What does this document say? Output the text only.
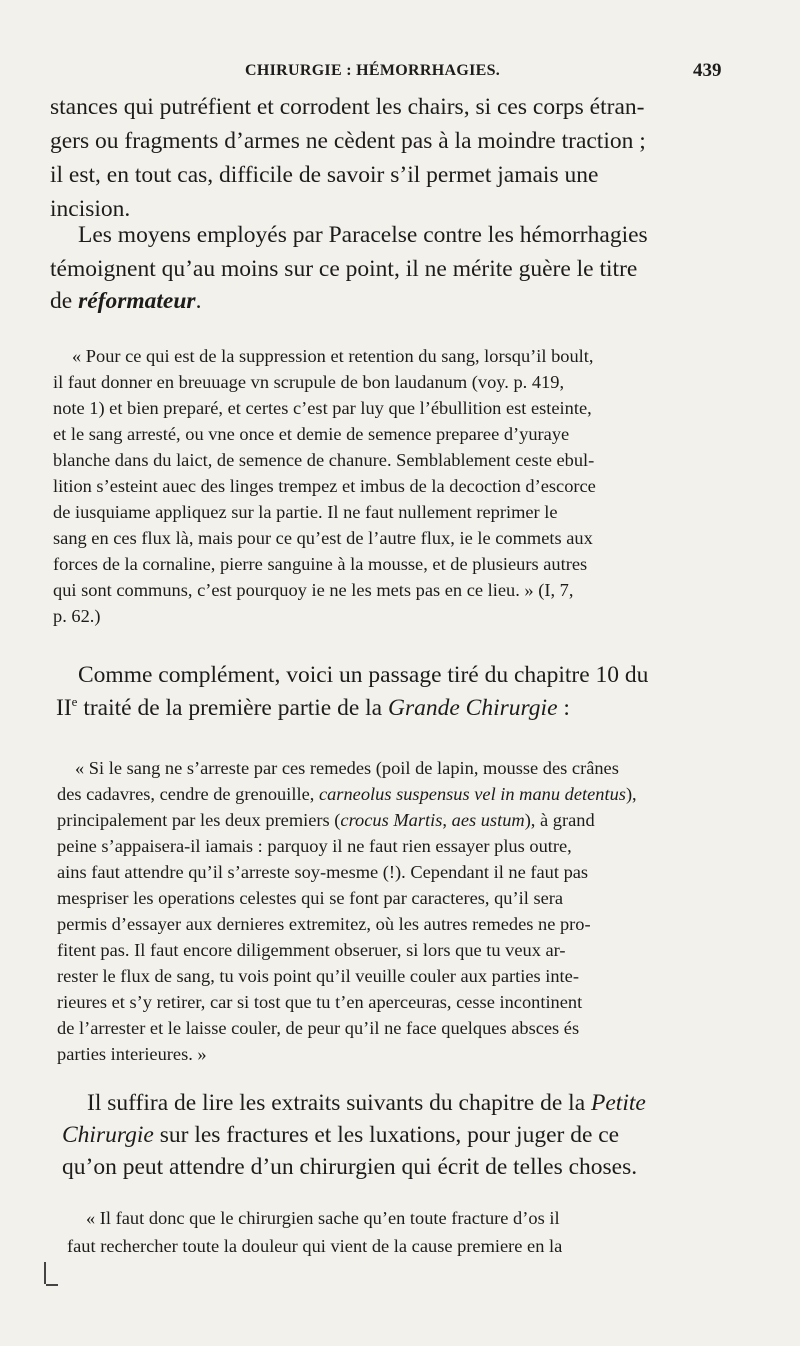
CHIRURGIE : HÉMORRHAGIES.	439
stances qui putréfient et corrodent les chairs, si ces corps étran-
gers ou fragments d’armes ne cèdent pas à la moindre traction ;
il est, en tout cas, difficile de savoir s’il permet jamais une
incision.
Les moyens employés par Paracelse contre les hémorrhagies
témoignent qu’au moins sur ce point, il ne mérite guère le titre
de réformateur.
« Pour ce qui est de la suppression et retention du sang, lorsqu’il boult,
il faut donner en breuuage vn scrupule de bon laudanum (voy. p. 419,
note 1) et bien preparé, et certes c’est par luy que l’ébullition est esteinte,
et le sang arresté, ou vne once et demie de semence preparee d’yuraye
blanche dans du laict, de semence de chanure. Semblablement ceste ebul-
lition s’esteint auec des linges trempez et imbus de la decoction d’escorce
de iusquiame appliquez sur la partie. Il ne faut nullement reprimer le
sang en ces flux là, mais pour ce qu’est de l’autre flux, ie le commets aux
forces de la cornaline, pierre sanguine à la mousse, et de plusieurs autres
qui sont communs, c’est pourquoy ie ne les mets pas en ce lieu. » (I, 7,
p. 62.)
Comme complément, voici un passage tiré du chapitre 10 du
IIe traité de la première partie de la Grande Chirurgie :
« Si le sang ne s’arreste par ces remedes (poil de lapin, mousse des crânes
des cadavres, cendre de grenouille, carneolus suspensus vel in manu detentus),
principalement par les deux premiers (crocus Martis, aes ustum), à grand
peine s’appaisera-il iamais : parquoy il ne faut rien essayer plus outre,
ains faut attendre qu’il s’arreste soy-mesme (!). Cependant il ne faut pas
mespriser les operations celestes qui se font par caracteres, qu’il sera
permis d’essayer aux dernieres extremitez, où les autres remedes ne pro-
fitent pas. Il faut encore diligemment obseruer, si lors que tu veux ar-
rester le flux de sang, tu vois point qu’il veuille couler aux parties inte-
rieures et s’y retirer, car si tost que tu t’en aperceuras, cesse incontinent
de l’arrester et le laisse couler, de peur qu’il ne face quelques absces és
parties interieures. »
Il suffira de lire les extraits suivants du chapitre de la Petite
Chirurgie sur les fractures et les luxations, pour juger de ce
qu’on peut attendre d’un chirurgien qui écrit de telles choses.
« Il faut donc que le chirurgien sache qu’en toute fracture d’os il
faut rechercher toute la douleur qui vient de la cause premiere en la
